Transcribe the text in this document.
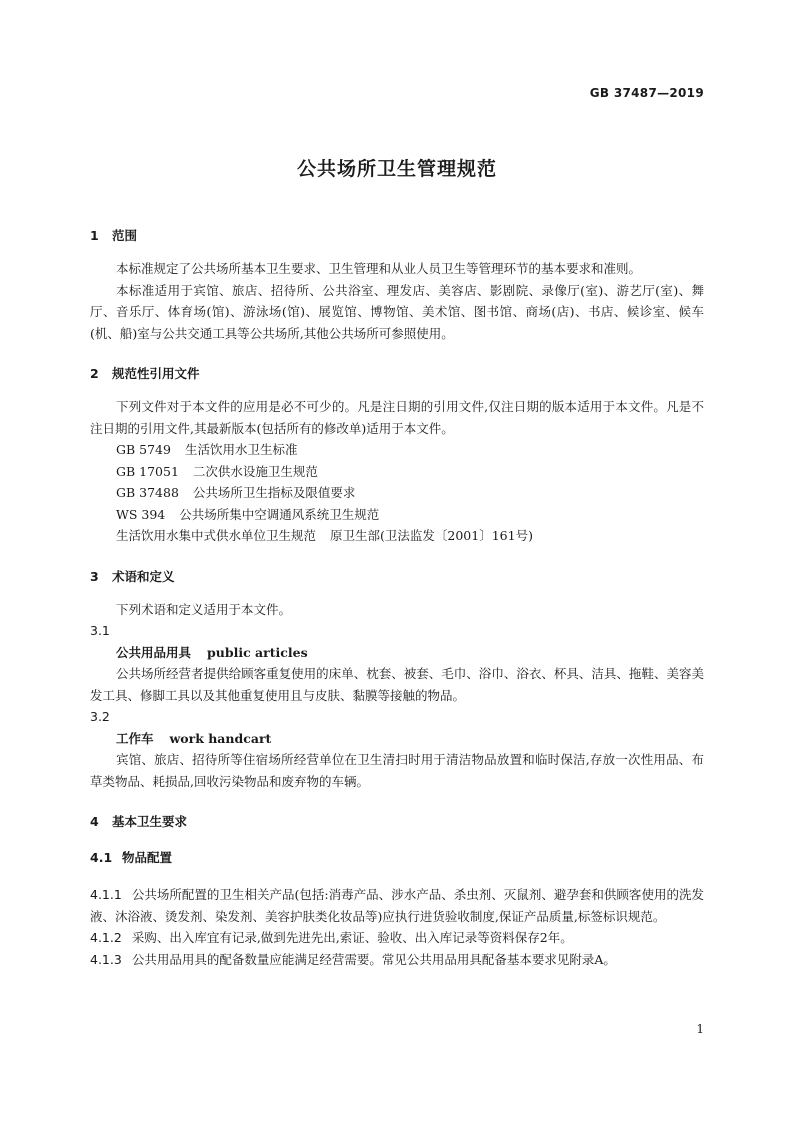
GB 37487—2019
公共场所卫生管理规范
1 范围
本标准规定了公共场所基本卫生要求、卫生管理和从业人员卫生等管理环节的基本要求和准则。
本标准适用于宾馆、旅店、招待所、公共浴室、理发店、美容店、影剧院、录像厅(室)、游艺厅(室)、舞厅、音乐厅、体育场(馆)、游泳场(馆)、展览馆、博物馆、美术馆、图书馆、商场(店)、书店、候诊室、候车(机、船)室与公共交通工具等公共场所,其他公共场所可参照使用。
2 规范性引用文件
下列文件对于本文件的应用是必不可少的。凡是注日期的引用文件,仅注日期的版本适用于本文件。凡是不注日期的引用文件,其最新版本(包括所有的修改单)适用于本文件。
GB 5749 生活饮用水卫生标准
GB 17051 二次供水设施卫生规范
GB 37488 公共场所卫生指标及限值要求
WS 394 公共场所集中空调通风系统卫生规范
生活饮用水集中式供水单位卫生规范 原卫生部(卫法监发〔2001〕161号)
3 术语和定义
下列术语和定义适用于本文件。
3.1
公共用品用具 public articles
公共场所经营者提供给顾客重复使用的床单、枕套、被套、毛巾、浴巾、浴衣、杯具、洁具、拖鞋、美容美发工具、修脚工具以及其他重复使用且与皮肤、黏膜等接触的物品。
3.2
工作车 work handcart
宾馆、旅店、招待所等住宿场所经营单位在卫生清扫时用于清洁物品放置和临时保洁,存放一次性用品、布草类物品、耗损品,回收污染物品和废弃物的车辆。
4 基本卫生要求
4.1 物品配置
4.1.1 公共场所配置的卫生相关产品(包括:消毒产品、涉水产品、杀虫剂、灭鼠剂、避孕套和供顾客使用的洗发液、沐浴液、烫发剂、染发剂、美容护肤类化妆品等)应执行进货验收制度,保证产品质量,标签标识规范。
4.1.2 采购、出入库宜有记录,做到先进先出,索证、验收、出入库记录等资料保存2年。
4.1.3 公共用品用具的配备数量应能满足经营需要。常见公共用品用具配备基本要求见附录A。
1
